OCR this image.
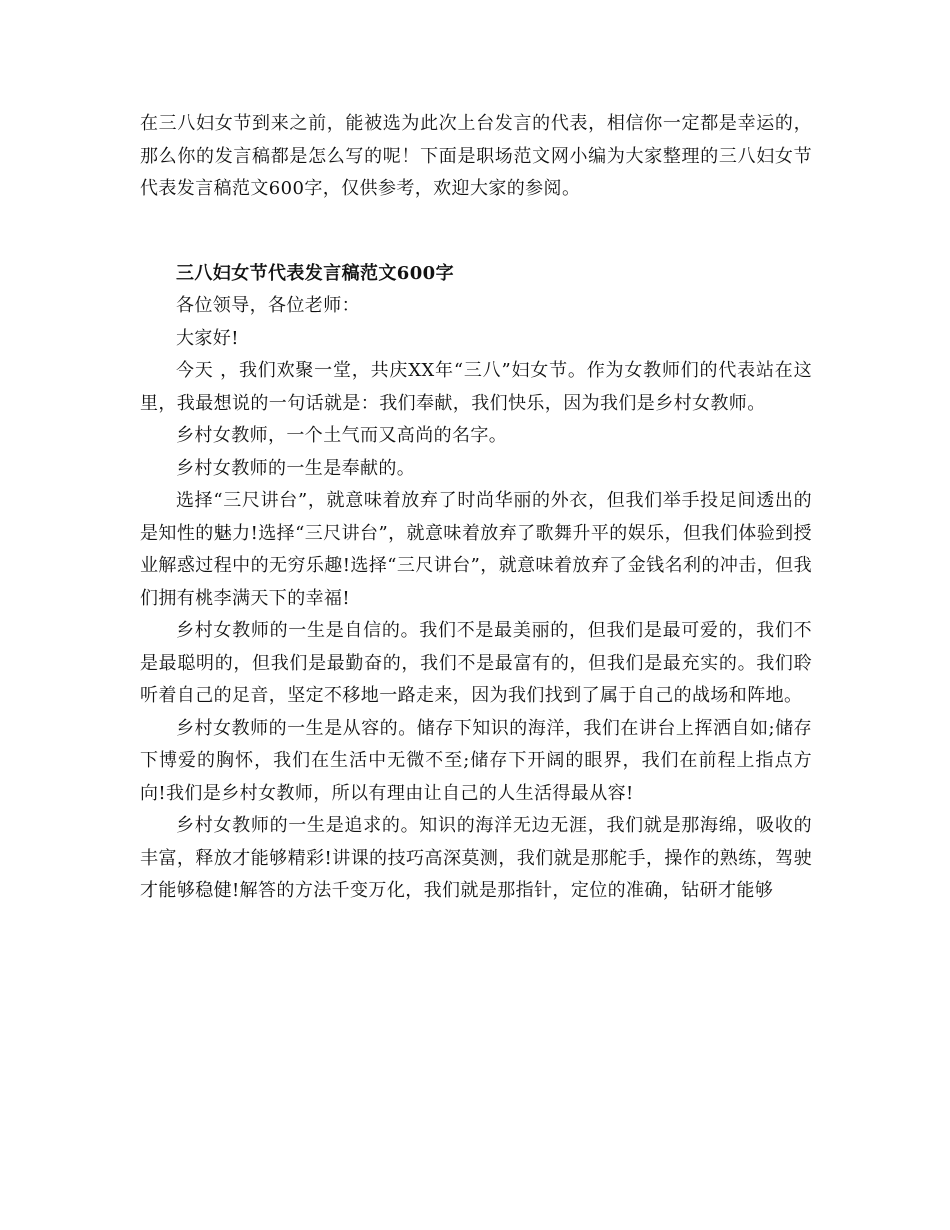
在三八妇女节到来之前，能被选为此次上台发言的代表，相信你一定都是幸运的，那么你的发言稿都是怎么写的呢！下面是职场范文网小编为大家整理的三八妇女节代表发言稿范文600字，仅供参考，欢迎大家的参阅。

三八妇女节代表发言稿范文600字

各位领导，各位老师：

大家好!

今天 ，我们欢聚一堂，共庆XX年“三八”妇女节。作为女教师们的代表站在这里，我最想说的一句话就是：我们奉献，我们快乐，因为我们是乡村女教师。

乡村女教师，一个土气而又高尚的名字。

乡村女教师的一生是奉献的。

选择“三尺讲台”，就意味着放弃了时尚华丽的外衣，但我们举手投足间透出的是知性的魅力!选择“三尺讲台”，就意味着放弃了歌舞升平的娱乐，但我们体验到授业解惑过程中的无穷乐趣!选择“三尺讲台”，就意味着放弃了金钱名利的冲击，但我们拥有桃李满天下的幸福!

乡村女教师的一生是自信的。我们不是最美丽的，但我们是最可爱的，我们不是最聪明的，但我们是最勤奋的，我们不是最富有的，但我们是最充实的。我们聆听着自己的足音，坚定不移地一路走来，因为我们找到了属于自己的战场和阵地。

乡村女教师的一生是从容的。储存下知识的海洋，我们在讲台上挥洒自如;储存下博爱的胸怀，我们在生活中无微不至;储存下开阔的眼界，我们在前程上指点方向!我们是乡村女教师，所以有理由让自己的人生活得最从容!

乡村女教师的一生是追求的。知识的海洋无边无涯，我们就是那海绵，吸收的丰富，释放才能够精彩!讲课的技巧高深莫测，我们就是那舵手，操作的熟练，驾驶才能够稳健!解答的方法千变万化，我们就是那指针，定位的准确，钻研才能够
